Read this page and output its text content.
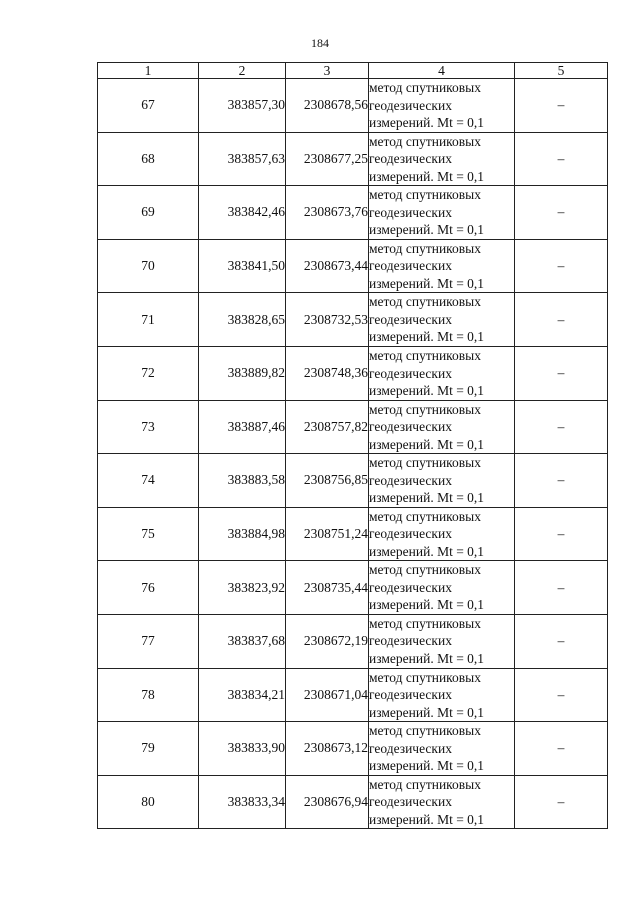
184
1	2	3	4	5
67	383857,30	2308678,56	метод спутниковых
геодезических
измерений. Mt = 0,1	–
68	383857,63	2308677,25	метод спутниковых
геодезических
измерений. Mt = 0,1	–
69	383842,46	2308673,76	метод спутниковых
геодезических
измерений. Mt = 0,1	–
70	383841,50	2308673,44	метод спутниковых
геодезических
измерений. Mt = 0,1	–
71	383828,65	2308732,53	метод спутниковых
геодезических
измерений. Mt = 0,1	–
72	383889,82	2308748,36	метод спутниковых
геодезических
измерений. Mt = 0,1	–
73	383887,46	2308757,82	метод спутниковых
геодезических
измерений. Mt = 0,1	–
74	383883,58	2308756,85	метод спутниковых
геодезических
измерений. Mt = 0,1	–
75	383884,98	2308751,24	метод спутниковых
геодезических
измерений. Mt = 0,1	–
76	383823,92	2308735,44	метод спутниковых
геодезических
измерений. Mt = 0,1	–
77	383837,68	2308672,19	метод спутниковых
геодезических
измерений. Mt = 0,1	–
78	383834,21	2308671,04	метод спутниковых
геодезических
измерений. Mt = 0,1	–
79	383833,90	2308673,12	метод спутниковых
геодезических
измерений. Mt = 0,1	–
80	383833,34	2308676,94	метод спутниковых
геодезических
измерений. Mt = 0,1	–
